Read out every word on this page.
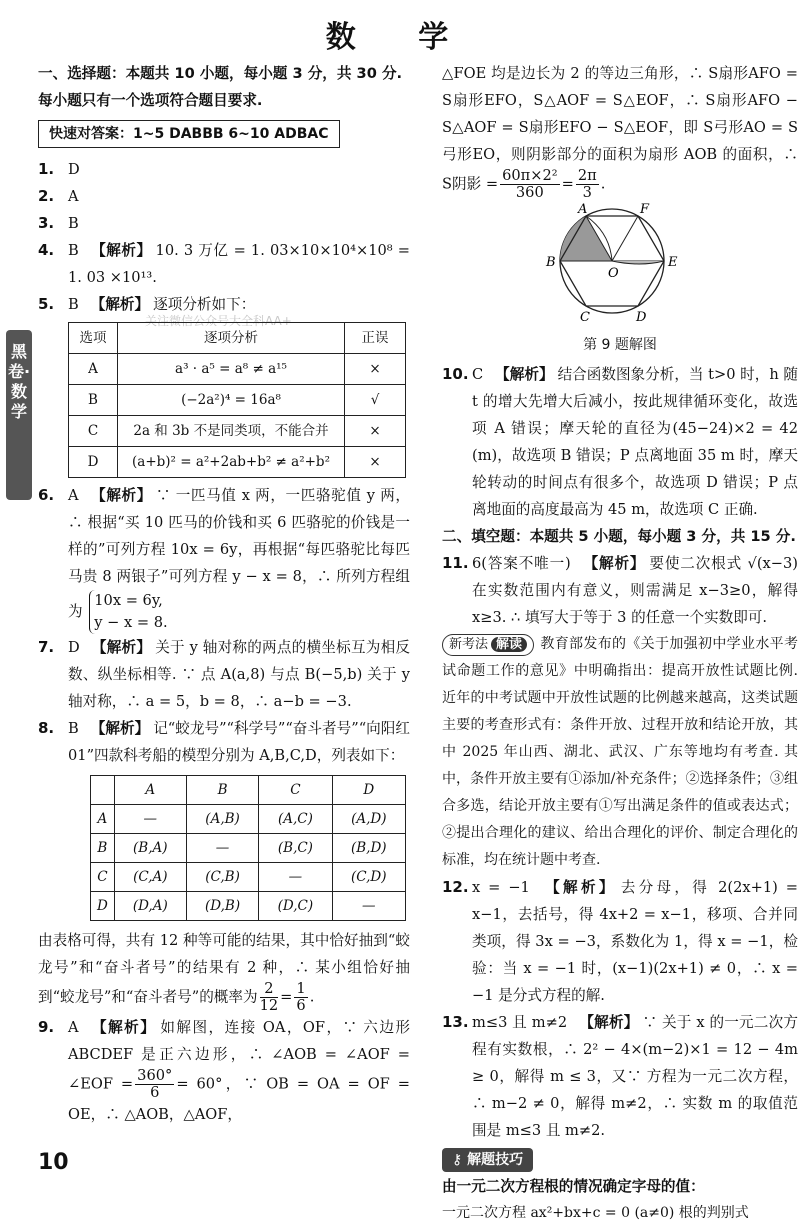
数 学
黑卷·数学
关注微信公众号大全科AA+

一、选择题：本题共 10 小题，每小题 3 分，共 30 分. 每小题只有一个选项符合题目要求.

快速对答案：1~5 DABBB 6~10 ADBAC
1. D
2. A
3. B
4. B 【解析】 10. 3 万亿 = 1. 03×10×10⁴×10⁸ = 1. 03 ×10¹³.
5. B 【解析】 逐项分析如下：
选项	逐项分析	正误
A	a³ · a⁵ = a⁸ ≠ a¹⁵	×
B	(−2a²)⁴ = 16a⁸	√
C	2a 和 3b 不是同类项，不能合并	×
D	(a+b)² = a²+2ab+b² ≠ a²+b²	×
6. A 【解析】 ∵ 一匹马值 x 两，一匹骆驼值 y 两，∴ 根据“买 10 匹马的价钱和买 6 匹骆驼的价钱是一样的”可列方程 10x = 6y，再根据“每匹骆驼比每匹马贵 8 两银子”可列方程 y − x = 8，∴ 所列方程组为
10x = 6y,
y − x = 8.
7. D 【解析】 关于 y 轴对称的两点的横坐标互为相反数、纵坐标相等. ∵ 点 A(a,8) 与点 B(−5,b) 关于 y 轴对称，∴ a = 5，b = 8，∴ a−b = −3.
8. B 【解析】 记“蛟龙号”“科学号”“奋斗者号”“向阳红 01”四款科考船的模型分别为 A,B,C,D，列表如下：
	A	B	C	D
A	—	(A,B)	(A,C)	(A,D)
B	(B,A)	—	(B,C)	(B,D)
C	(C,A)	(C,B)	—	(C,D)
D	(D,A)	(D,B)	(D,C)	—

由表格可得，共有 12 种等可能的结果，其中恰好抽到“蛟龙号”和“奋斗者号”的结果有 2 种，∴ 某小组恰好抽到“蛟龙号”和“奋斗者号”的概率为 $\frac{2}{12} = \frac{1}{6}$ .

9. A 【解析】 如解图，连接 OA，OF，∵ 六边形 ABCDEF 是正六边形，∴ ∠AOB = ∠AOF = ∠EOF = $\frac{360^\circ}{6} = 60^\circ$，∵ OB = OA = OF = OE，∴ △AOB，△AOF，
10

△FOE 均是边长为 2 的等边三角形，∴ S扇形AFO = S扇形EFO，S△AOF = S△EOF，∴ S扇形AFO − S△AOF = S扇形EFO − S△EOF，即 S弓形AO = S弓形EO，则阴影部分的面积为扇形 AOB 的面积，∴ S阴影 = $\frac{\text{60π×2²}}{360} = \frac{2\pi}{3}$ .

A	F
B
O
E
C	D

第 9 题解图

10. C 【解析】 结合函数图象分析，当 t>0 时，h 随 t 的增大先增大后减小，按此规律循环变化，故选项 A 错误；摩天轮的直径为(45−24)×2 = 42 (m)，故选项 B 错误；P 点离地面 35 m 时，摩天轮转动的时间点有很多个，故选项 D 错误；P 点离地面的高度最高为 45 m，故选项 C 正确.

二、填空题：本题共 5 小题，每小题 3 分，共 15 分.

11. 6(答案不唯一) 【解析】 要使二次根式 √(x−3) 在实数范围内有意义，则需满足 x−3≥0，解得 x≥3. ∴ 填写大于等于 3 的任意一个实数即可.

新考法 解读 教育部发布的《关于加强初中学业水平考试命题工作的意见》中明确指出：提高开放性试题比例. 近年的中考试题中开放性试题的比例越来越高，这类试题主要的考查形式有：条件开放、过程开放和结论开放，其中 2025 年山西、湖北、武汉、广东等地均有考查. 其中，条件开放主要有①添加/补充条件；②选择条件；③组合多选，结论开放主要有①写出满足条件的值或表达式；②提出合理化的建议、给出合理化的评价、制定合理化的标准，均在统计题中考查.

12. x = −1 【解析】 去分母，得 2(2x+1) = x−1，去括号，得 4x+2 = x−1，移项、合并同类项，得 3x = −3，系数化为 1，得 x = −1，检验：当 x = −1 时，(x−1)(2x+1) ≠ 0，∴ x = −1 是分式方程的解.
13. m≤3 且 m≠2 【解析】 ∵ 关于 x 的一元二次方程有实数根，∴ 2² − 4×(m−2)×1 = 12 − 4m ≥ 0，解得 m ≤ 3，又∵ 方程为一元二次方程，∴ m−2 ≠ 0，解得 m≠2，∴ 实数 m 的取值范围是 m≤3 且 m≠2.
⚷ 解题技巧

由一元二次方程根的情况确定字母的值：

一元二次方程 ax²+bx+c = 0 (a≠0) 根的判别式
